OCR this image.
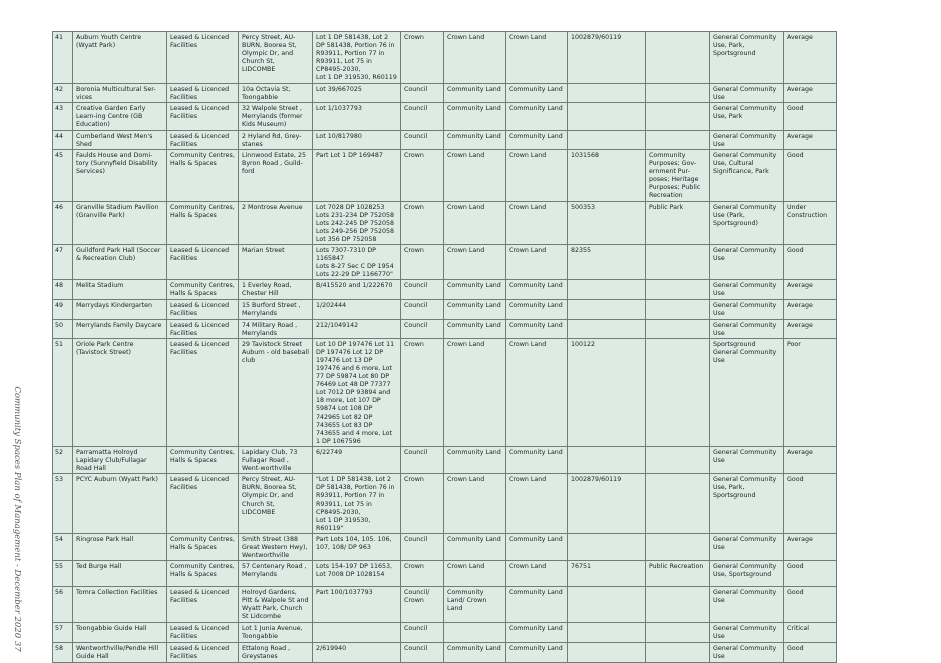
Community Spaces Plan of Management - December 2020 37
41	Auburn Youth Centre (Wyatt Park)	Leased & Licenced Facilities	Percy Street, AU-BURN, Boorea St, Olympic Dr, and Church St, LIDCOMBE	Lot 1 DP 581438, Lot 2 DP 581438, Portion 76 in R93911, Portion 77 in R93911, Lot 75 in CP8495-2030,
Lot 1 DP 319530, R60119	Crown	Crown Land	Crown Land	1002879/60119		General Community Use, Park, Sportsground	Average
42	Boronia Multicultural Ser-vices	Leased & Licenced Facilities	10a Octavia St, Toongabbie	Lot 39/667025	Council	Community Land	Community Land			General Community Use	Average
43	Creative Garden Early Learn-ing Centre (GB Education)	Leased & Licenced Facilities	32 Walpole Street , Merrylands (former Kids Museum)	Lot 1/1037793	Council	Community Land	Community Land			General Community Use, Park	Good
44	Cumberland West Men's Shed	Leased & Licenced Facilities	2 Hyland Rd, Grey-stanes	Lot 10/817980	Council	Community Land	Community Land			General Community Use	Average
45	Faulds House and Domi-tory (Sunnyfield Disability Services)	Community Centres, Halls & Spaces	Linnwood Estate, 25 Byron Road , Guild-ford	Part Lot 1 DP 169487	Crown	Crown Land	Crown Land	1031568	Community Purposes; Gov-ernment Pur-poses; Heritage Purposes; Public Recreation	General Community Use, Cultural Significance, Park	Good
46	Granville Stadium Pavilion (Granville Park)	Community Centres, Halls & Spaces	2 Montrose Avenue	Lot 7028 DP 1028253
Lots 231-234 DP 752058
Lots 242-245 DP 752058
Lots 249-256 DP 752058
Lot 356 DP 752058	Crown	Crown Land	Crown Land	500353	Public Park	General Community Use (Park, Sportsground)	Under Construction
47	Guildford Park Hall (Soccer & Recreation Club)	Leased & Licenced Facilities	Marian Street	Lots 7307-7310 DP 1165847
Lots 8-27 Sec C DP 1954
Lots 22-29 DP 1166770"	Crown	Crown Land	Crown Land	82355		General Community Use	Good
48	Melita Stadium	Community Centres, Halls & Spaces	1 Everley Road, Chester Hill	B/415520 and 1/222670	Council	Community Land	Community Land			General Community Use	Average
49	Merrydays Kindergarten	Leased & Licenced Facilities	15 Burford Street , Merrylands	1/202444	Council	Community Land	Community Land			General Community Use	Average
50	Merrylands Family Daycare	Leased & Licenced Facilities	74 Military Road , Merrylands	212/1049142	Council	Community Land	Community Land			General Community Use	Average
51	Oriole Park Centre (Tavistock Street)	Leased & Licenced Facilities	29 Tavistock Street Auburn - old baseball club	Lot 10 DP 197476 Lot 11 DP 197476 Lot 12 DP 197476 Lot 13 DP 197476 and 6 more, Lot 77 DP 59874 Lot 80 DP 76469 Lot 48 DP 77377 Lot 7012 DP 93894 and 18 more, Lot 107 DP 59874 Lot 108 DP 742965 Lot 82 DP 743655 Lot 83 DP 743655 and 4 more, Lot 1 DP 1067596	Crown	Crown Land	Crown Land	100122		Sportsground
General Community Use	Poor
52	Parramatta Holroyd Lapidary Club/Fullagar Road Hall	Community Centres, Halls & Spaces	Lapidary Club, 73 Fullagar Road , Went-worthville	6/22749	Council	Community Land	Community Land			General Community Use	Average
53	PCYC Auburn (Wyatt Park)	Leased & Licenced Facilities	Percy Street, AU-BURN, Boorea St, Olympic Dr, and Church St, LIDCOMBE	"Lot 1 DP 581438, Lot 2 DP 581438, Portion 76 in R93911, Portion 77 in R93911, Lot 75 in CP8495-2030,
Lot 1 DP 319530, R60119"	Crown	Crown Land	Crown Land	1002879/60119		General Community Use, Park, Sportsground	Good
54	Ringrose Park Hall	Community Centres, Halls & Spaces	Smith Street (388 Great Western Hwy), Wentworthville	Part Lots 104, 105. 106, 107, 108/ DP 963	Council	Community Land	Community Land			General Community Use	Average
55	Ted Burge Hall	Community Centres, Halls & Spaces	57 Centenary Road , Merrylands	Lots 154-197 DP 11653, Lot 7008 DP 1028154	Crown	Crown Land	Crown Land	76751	Public Recreation	General Community Use, Sportsground	Good
56	Tomra Collection Facilities	Leased & Licenced Facilities	Holroyd Gardens, Pitt & Walpole St and Wyatt Park, Church St Lidcombe	Part 100/1037793	Council/ Crown	Community Land/ Crown Land	Community Land			General Community Use	Good
57	Toongabbie Guide Hall	Leased & Licenced Facilities	Lot 1 Junia Avenue, Toongabbie		Council		Community Land			General Community Use	Critical
58	Wentworthville/Pendle Hill Guide Hall	Leased & Licenced Facilities	Ettalong Road , Greystanes	2/619940	Council	Community Land	Community Land			General Community Use	Good
